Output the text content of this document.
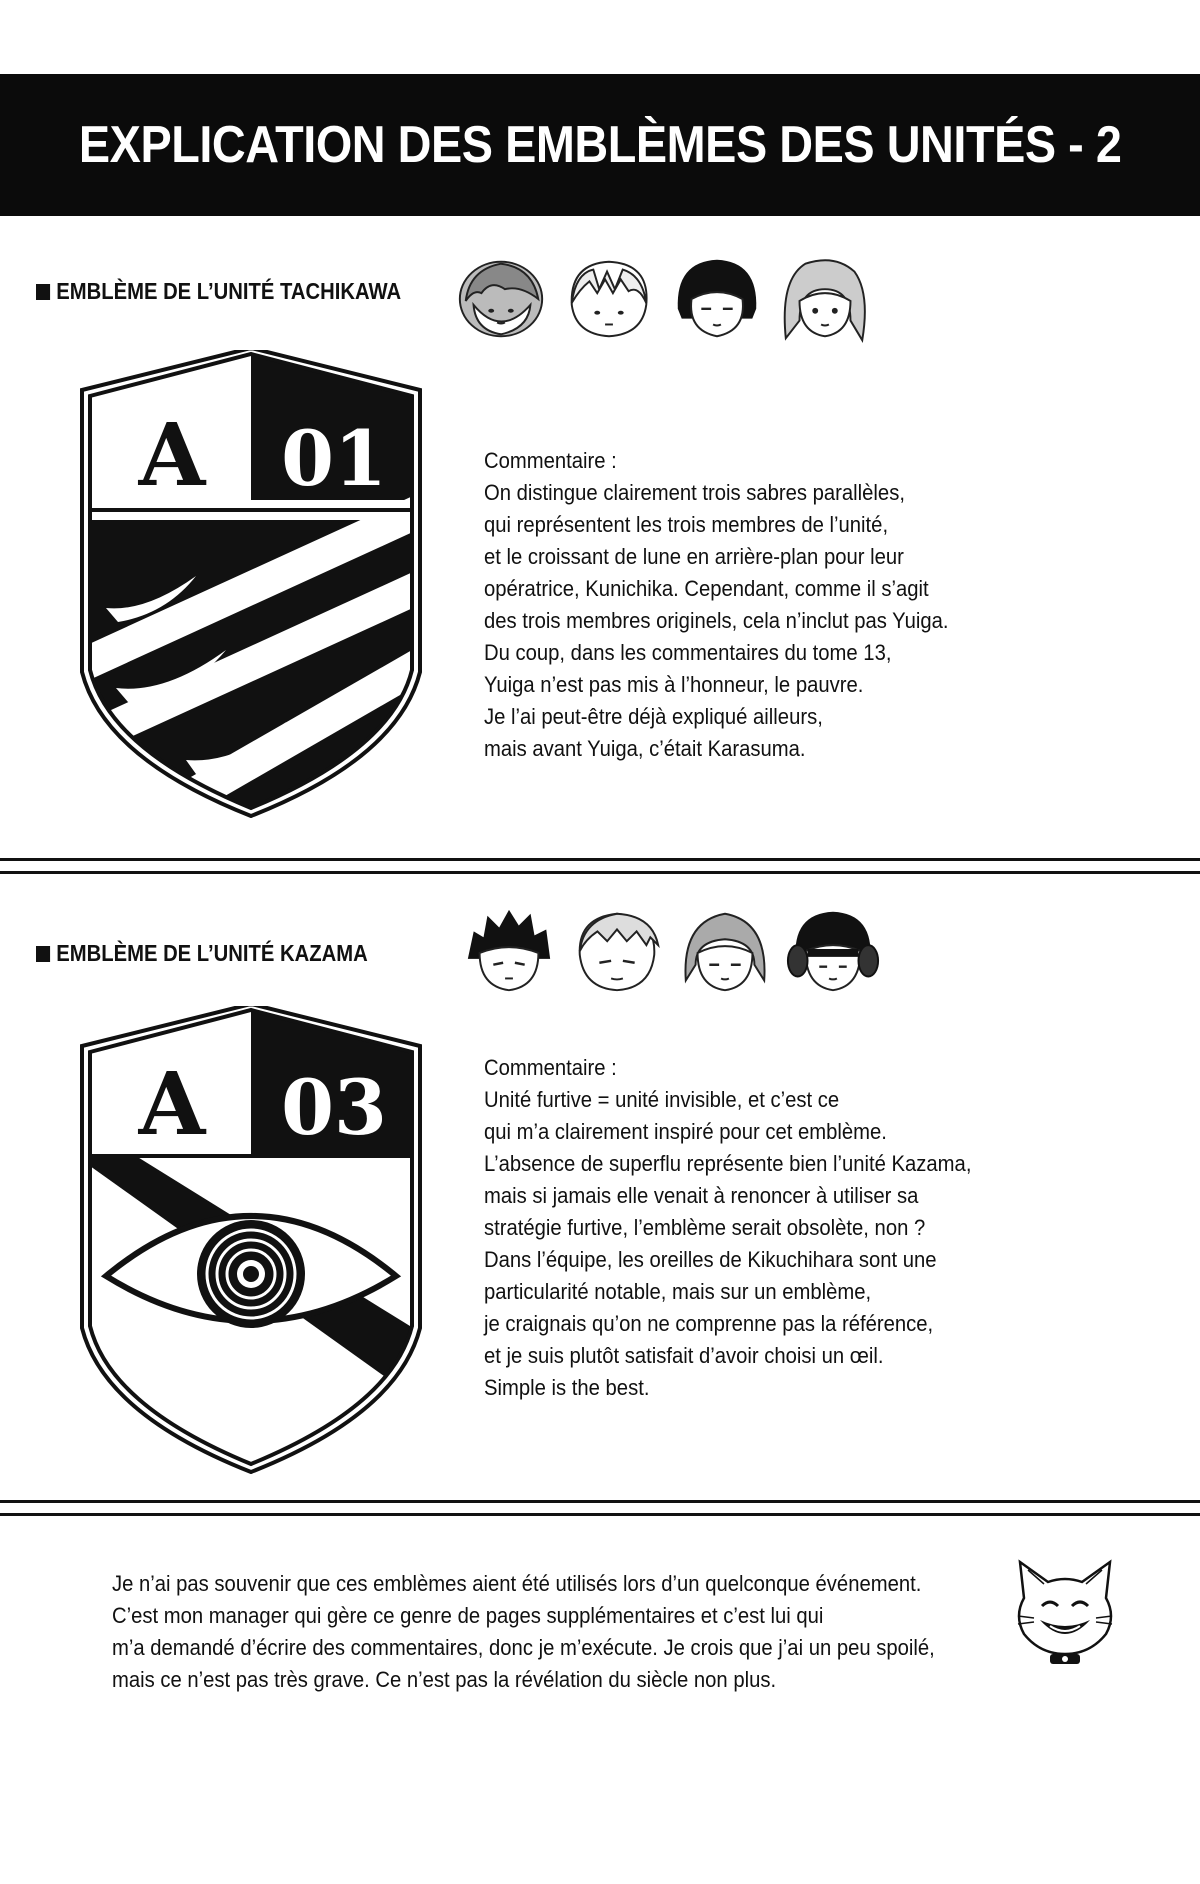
EXPLICATION DES EMBLÈMES DES UNITÉS - 2
EMBLÈME DE L’UNITÉ TACHIKAWA
A 01	Commentaire :

On distingue clairement trois sabres parallèles,

qui représentent les trois membres de l’unité,

et le croissant de lune en arrière-plan pour leur

opératrice, Kunichika. Cependant, comme il s’agit

des trois membres originels, cela n’inclut pas Yuiga.

Du coup, dans les commentaires du tome 13,

Yuiga n’est pas mis à l’honneur, le pauvre.

Je l’ai peut-être déjà expliqué ailleurs,

mais avant Yuiga, c’était Karasuma.

EMBLÈME DE L’UNITÉ KAZAMA
A 03	Commentaire :

Unité furtive = unité invisible, et c’est ce

qui m’a clairement inspiré pour cet emblème.

L’absence de superflu représente bien l’unité Kazama,

mais si jamais elle venait à renoncer à utiliser sa

stratégie furtive, l’emblème serait obsolète, non ?

Dans l’équipe, les oreilles de Kikuchihara sont une

particularité notable, mais sur un emblème,

je craignais qu’on ne comprenne pas la référence,

et je suis plutôt satisfait d’avoir choisi un œil.

Simple is the best.

Je n’ai pas souvenir que ces emblèmes aient été utilisés lors d’un quelconque événement.

C’est mon manager qui gère ce genre de pages supplémentaires et c’est lui qui

m’a demandé d’écrire des commentaires, donc je m’exécute. Je crois que j’ai un peu spoilé,

mais ce n’est pas très grave. Ce n’est pas la révélation du siècle non plus.
